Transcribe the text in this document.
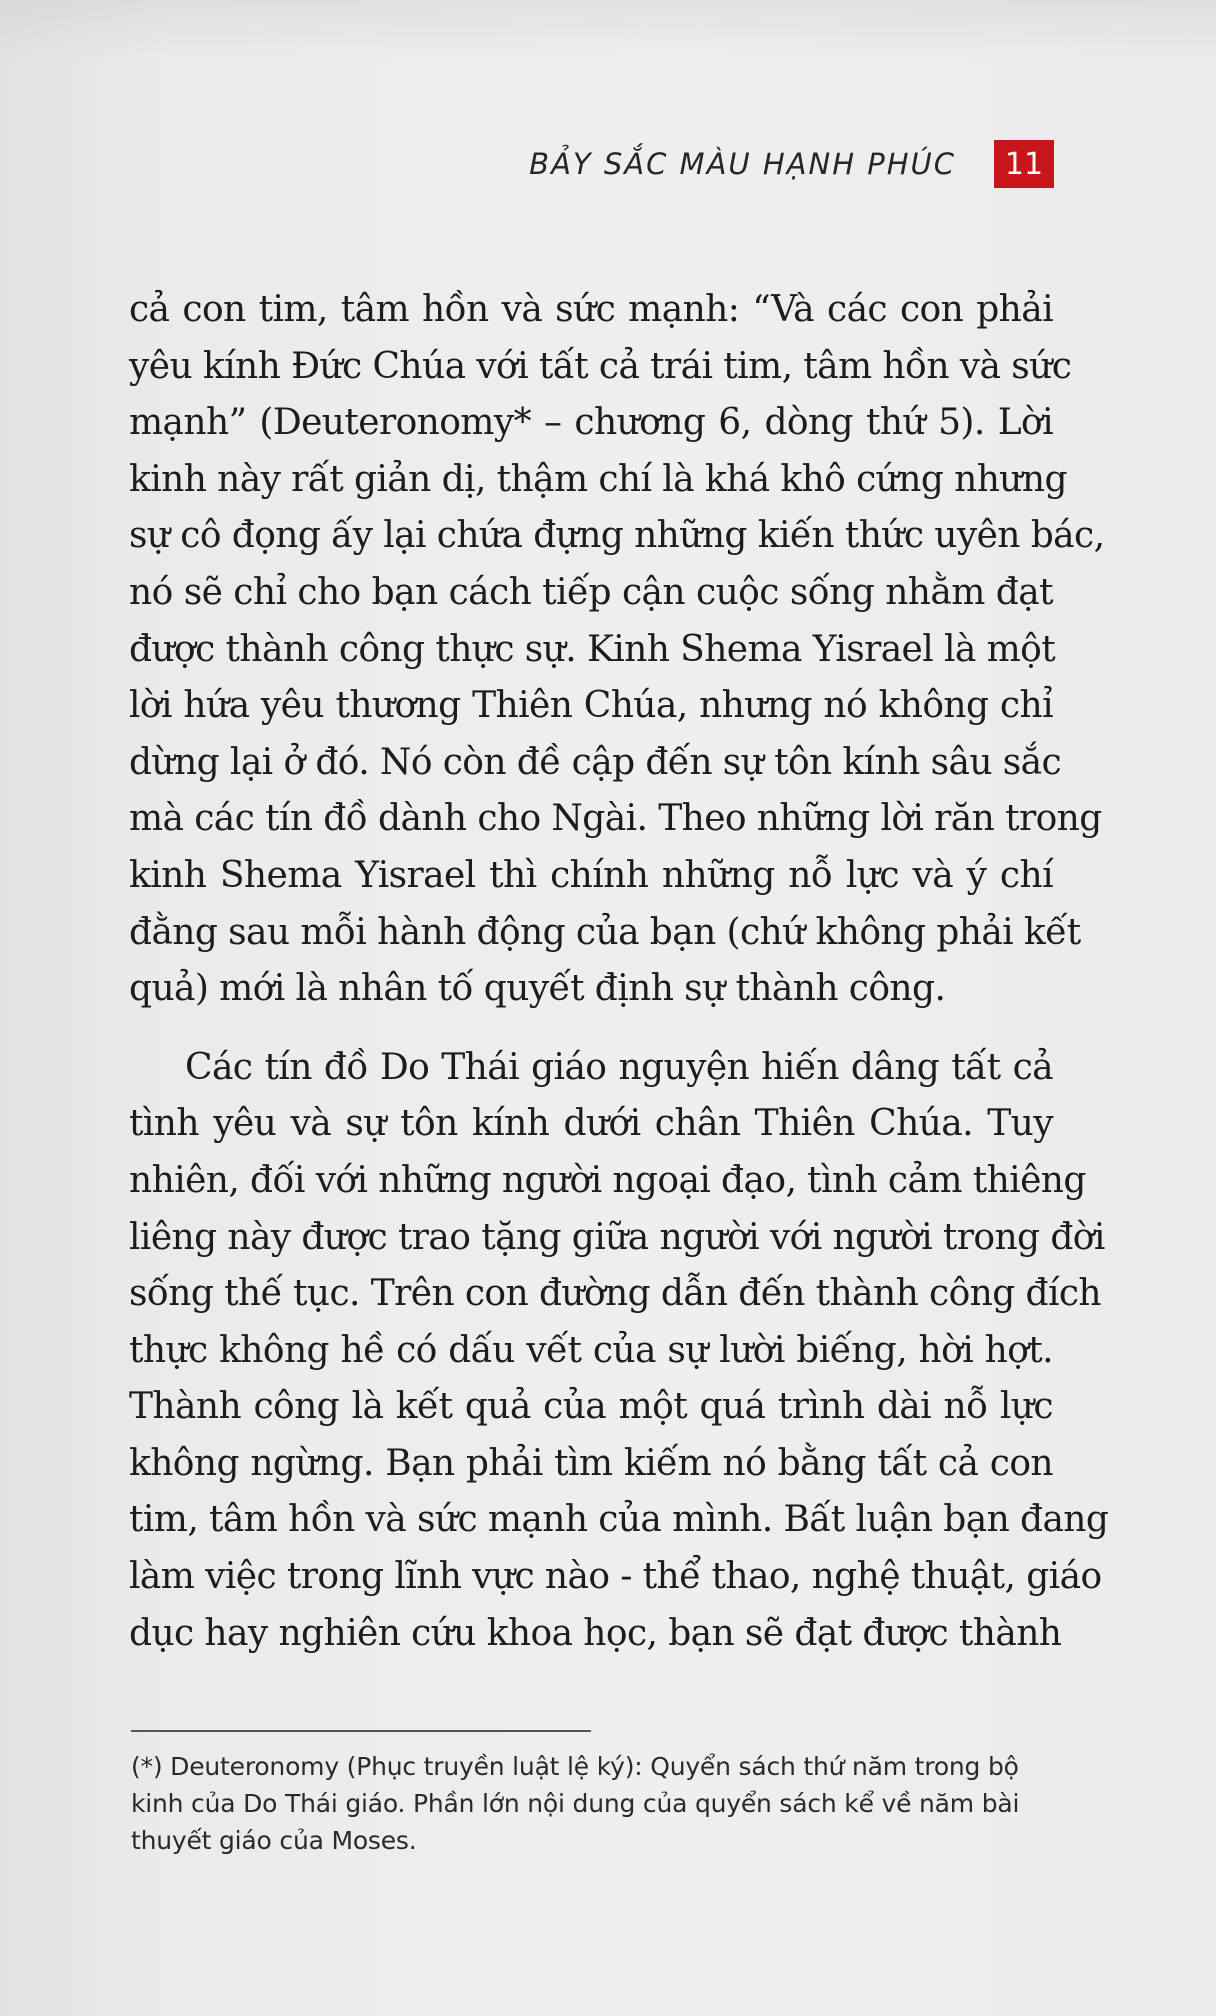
BẢY SẮC MÀU HẠNH PHÚC	11
cả con tim, tâm hồn và sức mạnh: “Và các con phải
yêu kính Đức Chúa với tất cả trái tim, tâm hồn và sức
mạnh” (Deuteronomy* – chương 6, dòng thứ 5). Lời
kinh này rất giản dị, thậm chí là khá khô cứng nhưng
sự cô đọng ấy lại chứa đựng những kiến thức uyên bác,
nó sẽ chỉ cho bạn cách tiếp cận cuộc sống nhằm đạt
được thành công thực sự. Kinh Shema Yisrael là một
lời hứa yêu thương Thiên Chúa, nhưng nó không chỉ
dừng lại ở đó. Nó còn đề cập đến sự tôn kính sâu sắc
mà các tín đồ dành cho Ngài. Theo những lời răn trong
kinh Shema Yisrael thì chính những nỗ lực và ý chí
đằng sau mỗi hành động của bạn (chứ không phải kết
quả) mới là nhân tố quyết định sự thành công.
Các tín đồ Do Thái giáo nguyện hiến dâng tất cả
tình yêu và sự tôn kính dưới chân Thiên Chúa. Tuy
nhiên, đối với những người ngoại đạo, tình cảm thiêng
liêng này được trao tặng giữa người với người trong đời
sống thế tục. Trên con đường dẫn đến thành công đích
thực không hề có dấu vết của sự lười biếng, hời hợt.
Thành công là kết quả của một quá trình dài nỗ lực
không ngừng. Bạn phải tìm kiếm nó bằng tất cả con
tim, tâm hồn và sức mạnh của mình. Bất luận bạn đang
làm việc trong lĩnh vực nào - thể thao, nghệ thuật, giáo
dục hay nghiên cứu khoa học, bạn sẽ đạt được thành
(*) Deuteronomy (Phục truyền luật lệ ký): Quyển sách thứ năm trong bộ
kinh của Do Thái giáo. Phần lớn nội dung của quyển sách kể về năm bài
thuyết giáo của Moses.
